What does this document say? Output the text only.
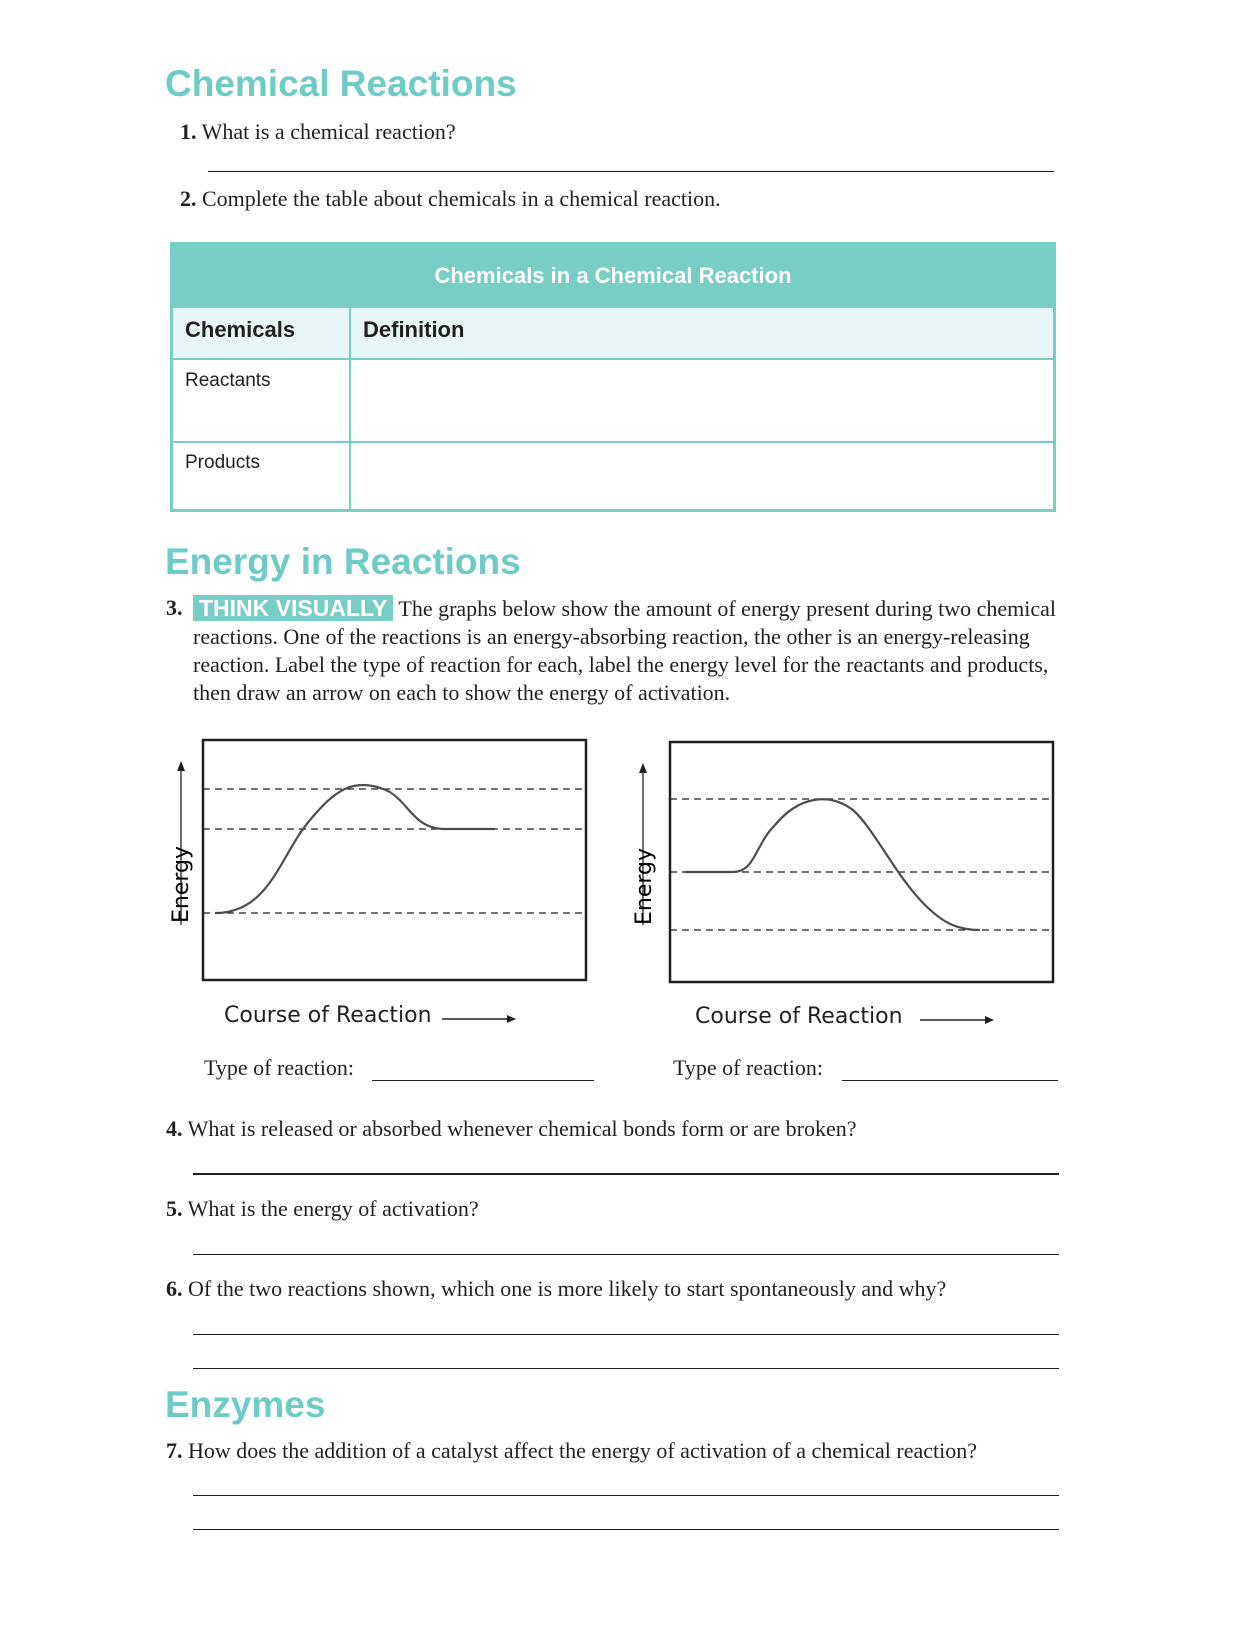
Chemical Reactions
1. What is a chemical reaction?
2. Complete the table about chemicals in a chemical reaction.
Chemicals in a Chemical Reaction
Chemicals	Definition
Reactants
Products
Energy in Reactions
3. THINK VISUALLY The graphs below show the amount of energy present during two chemical reactions. One of the reactions is an energy-absorbing reaction, the other is an energy-releasing reaction. Label the type of reaction for each, label the energy level for the reactants and products, then draw an arrow on each to show the energy of activation.
Energy
Course of Reaction
Type of reaction:
Energy
Course of Reaction
Type of reaction:
4. What is released or absorbed whenever chemical bonds form or are broken?
5. What is the energy of activation?
6. Of the two reactions shown, which one is more likely to start spontaneously and why?
Enzymes
7. How does the addition of a catalyst affect the energy of activation of a chemical reaction?
